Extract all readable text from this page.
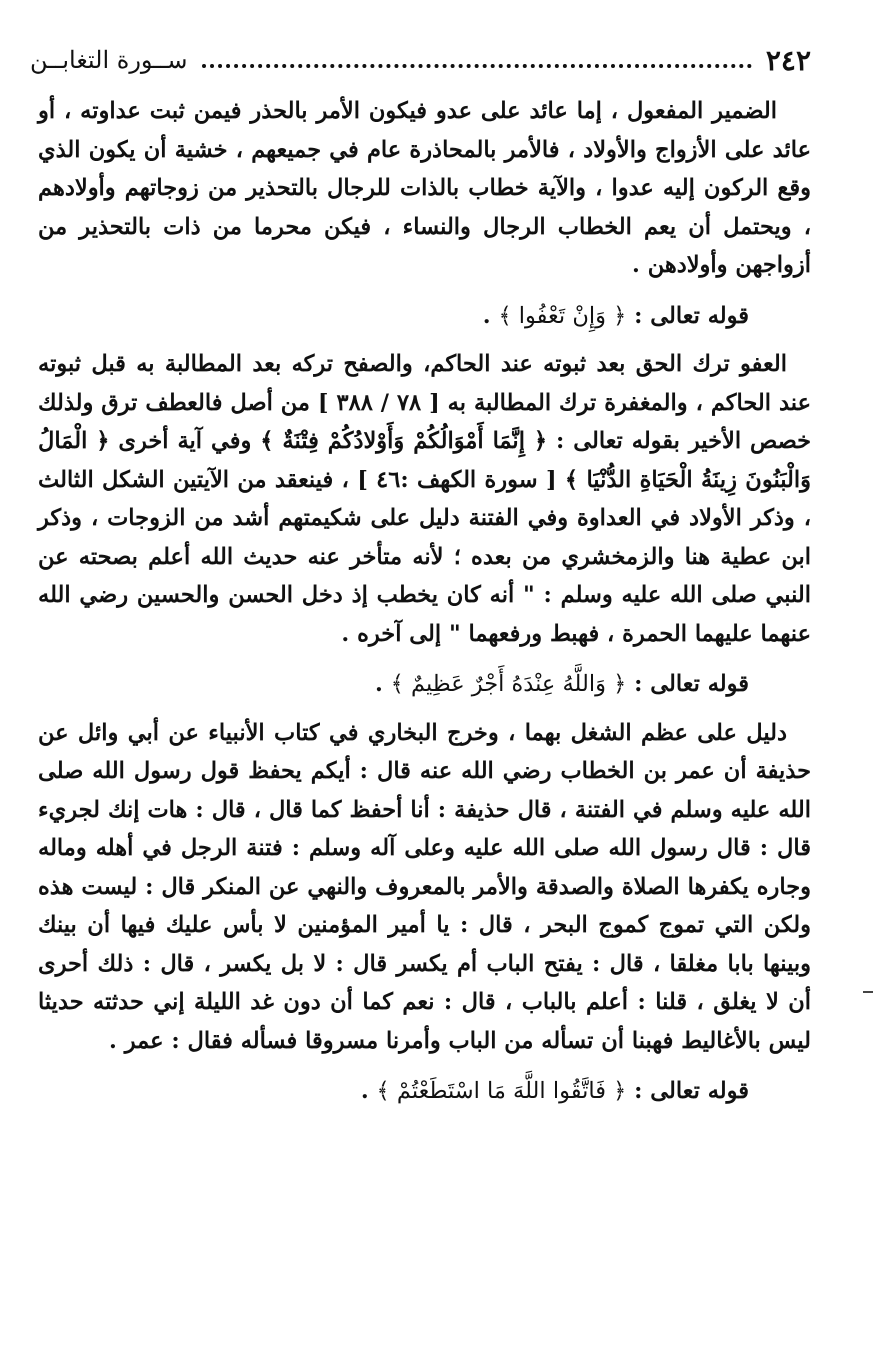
٢٤٢
ســورة التغابــن

الضمير المفعول ، إما عائد على عدو فيكون الأمر بالحذر فيمن ثبت عداوته ، أو عائد على الأزواج والأولاد ، فالأمر بالمحاذرة عام في جميعهم ، خشية أن يكون الذي وقع الركون إليه عدوا ، والآية خطاب بالذات للرجال بالتحذير من زوجاتهم وأولادهم ، ويحتمل أن يعم الخطاب الرجال والنساء ، فيكن محرما من ذات بالتحذير من أزواجهن وأولادهن .

قوله تعالى : ﴿ وَإِنْ تَعْفُوا ﴾ .

العفو ترك الحق بعد ثبوته عند الحاكم، والصفح تركه بعد المطالبة به قبل ثبوته عند الحاكم ، والمغفرة ترك المطالبة به [ ٧٨ / ٣٨٨ ] من أصل فالعطف ترق ولذلك خصص الأخير بقوله تعالى : ﴿ إِنَّمَا أَمْوَالُكُمْ وَأَوْلادُكُمْ فِتْنَةٌ ﴾ وفي آية أخرى ﴿ الْمَالُ وَالْبَنُونَ زِينَةُ الْحَيَاةِ الدُّنْيَا ﴾ [ سورة الكهف :٤٦ ] ، فينعقد من الآيتين الشكل الثالث ، وذكر الأولاد في العداوة وفي الفتنة دليل على شكيمتهم أشد من الزوجات ، وذكر ابن عطية هنا والزمخشري من بعده ؛ لأنه متأخر عنه حديث الله أعلم بصحته عن النبي صلى الله عليه وسلم : " أنه كان يخطب إذ دخل الحسن والحسين رضي الله عنهما عليهما الحمرة ، فهبط ورفعهما " إلى آخره .

قوله تعالى : ﴿ وَاللَّهُ عِنْدَهُ أَجْرٌ عَظِيمٌ ﴾ .

دليل على عظم الشغل بهما ، وخرج البخاري في كتاب الأنبياء عن أبي وائل عن حذيفة أن عمر بن الخطاب رضي الله عنه قال : أيكم يحفظ قول رسول الله صلى الله عليه وسلم في الفتنة ، قال حذيفة : أنا أحفظ كما قال ، قال : هات إنك لجريء قال : قال رسول الله صلى الله عليه وعلى آله وسلم : فتنة الرجل في أهله وماله وجاره يكفرها الصلاة والصدقة والأمر بالمعروف والنهي عن المنكر قال : ليست هذه ولكن التي تموج كموج البحر ، قال : يا أمير المؤمنين لا بأس عليك فيها أن بينك وبينها بابا مغلقا ، قال : يفتح الباب أم يكسر قال : لا بل يكسر ، قال : ذلك أحرى أن لا يغلق ، قلنا : أعلم بالباب ، قال : نعم كما أن دون غد الليلة إني حدثته حديثا ليس بالأغاليط فهبنا أن تسأله من الباب وأمرنا مسروقا فسأله فقال : عمر .

قوله تعالى : ﴿ فَاتَّقُوا اللَّهَ مَا اسْتَطَعْتُمْ ﴾ .
